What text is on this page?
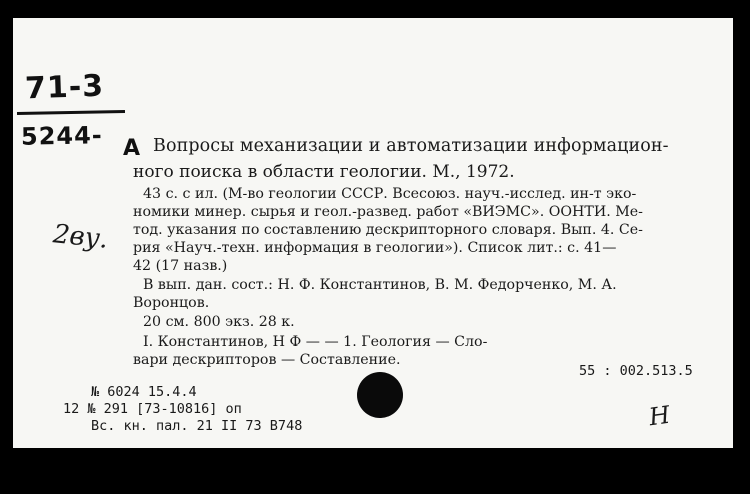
71-3
5244- А
2ву.
Вопросы механизации и автоматизации информацион-
ного поиска в области геологии. М., 1972.
43 с. с ил. (М-во геологии СССР. Всесоюз. науч.-исслед. ин-т эко-
номики минер. сырья и геол.-развед. работ «ВИЭМС». ООНТИ. Ме-
тод. указания по составлению дескрипторного словаря. Вып. 4. Се-
рия «Науч.-техн. информация в геологии»). Список лит.: с. 41—
42 (17 назв.)
В вып. дан. сост.: Н. Ф. Константинов, В. М. Федорченко, М. А.
Воронцов.
20 см. 800 экз. 28 к.
I. Константинов, Н Ф — — 1. Геология — Сло-
вари дескрипторов — Составление.
55 : 002.513.5
№ 6024 15.4.4
12 № 291 [73-10816] оп
Вс. кн. пал. 21 II 73 В748	Н
